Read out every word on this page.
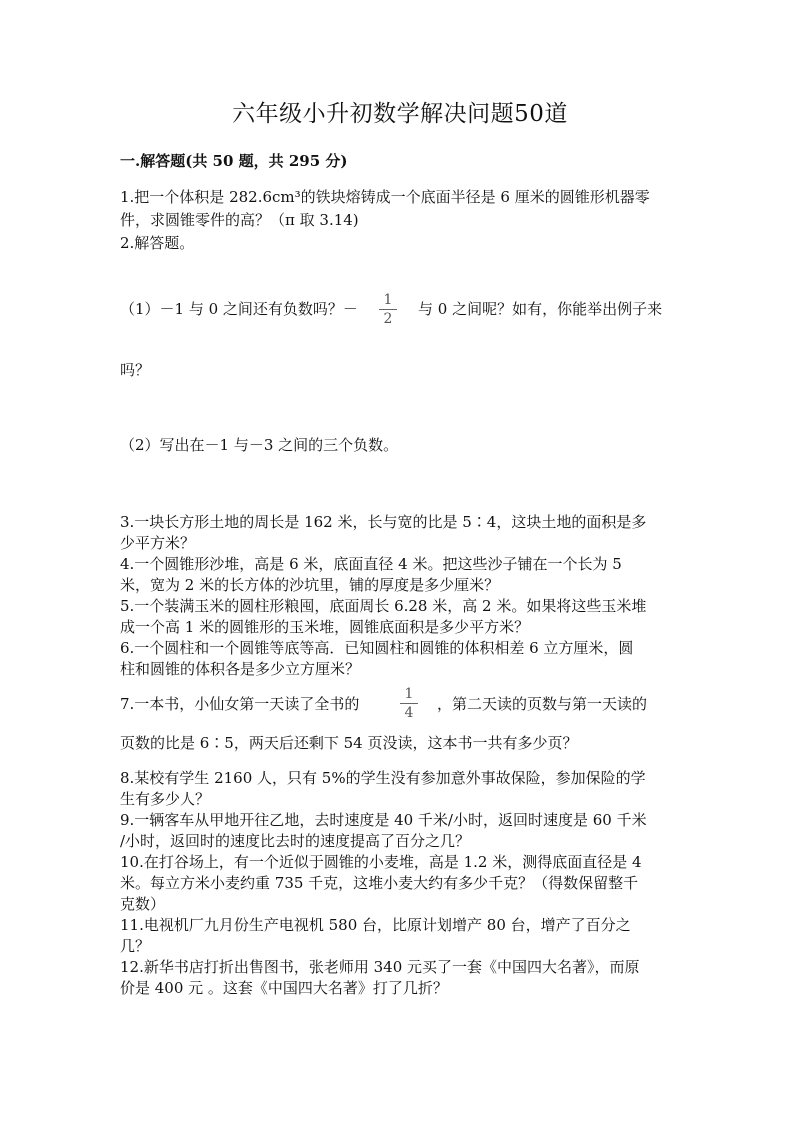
六年级小升初数学解决问题50道
一.解答题(共 50 题，共 295 分)
1.把一个体积是 282.6cm³的铁块熔铸成一个底面半径是 6 厘米的圆锥形机器零
件，求圆锥零件的高？（π 取 3.14)
2.解答题。
（1）－1 与 0 之间还有负数吗？－	1
2
与 0 之间呢？如有，你能举出例子来
吗？
（2）写出在－1 与－3 之间的三个负数。
3.一块长方形土地的周长是 162 米，长与宽的比是 5∶4，这块土地的面积是多
少平方米？
4.一个圆锥形沙堆，高是 6 米，底面直径 4 米。把这些沙子铺在一个长为 5
米，宽为 2 米的长方体的沙坑里，铺的厚度是多少厘米？
5.一个装满玉米的圆柱形粮囤，底面周长 6.28 米，高 2 米。如果将这些玉米堆
成一个高 1 米的圆锥形的玉米堆，圆锥底面积是多少平方米？
6.一个圆柱和一个圆锥等底等高．已知圆柱和圆锥的体积相差 6 立方厘米，圆
柱和圆锥的体积各是多少立方厘米？
7.一本书，小仙女第一天读了全书的
1
4	，第二天读的页数与第一天读的
页数的比是 6∶5，两天后还剩下 54 页没读，这本书一共有多少页？
8.某校有学生 2160 人，只有 5%的学生没有参加意外事故保险，参加保险的学
生有多少人？
9.一辆客车从甲地开往乙地，去时速度是 40 千米/小时，返回时速度是 60 千米
/小时，返回时的速度比去时的速度提高了百分之几？
10.在打谷场上，有一个近似于圆锥的小麦堆，高是 1.2 米，测得底面直径是 4
米。每立方米小麦约重 735 千克，这堆小麦大约有多少千克？（得数保留整千
克数）
11.电视机厂九月份生产电视机 580 台，比原计划增产 80 台，增产了百分之
几？
12.新华书店打折出售图书，张老师用 340 元买了一套《中国四大名著》，而原
价是 400 元 。这套《中国四大名著》打了几折？
